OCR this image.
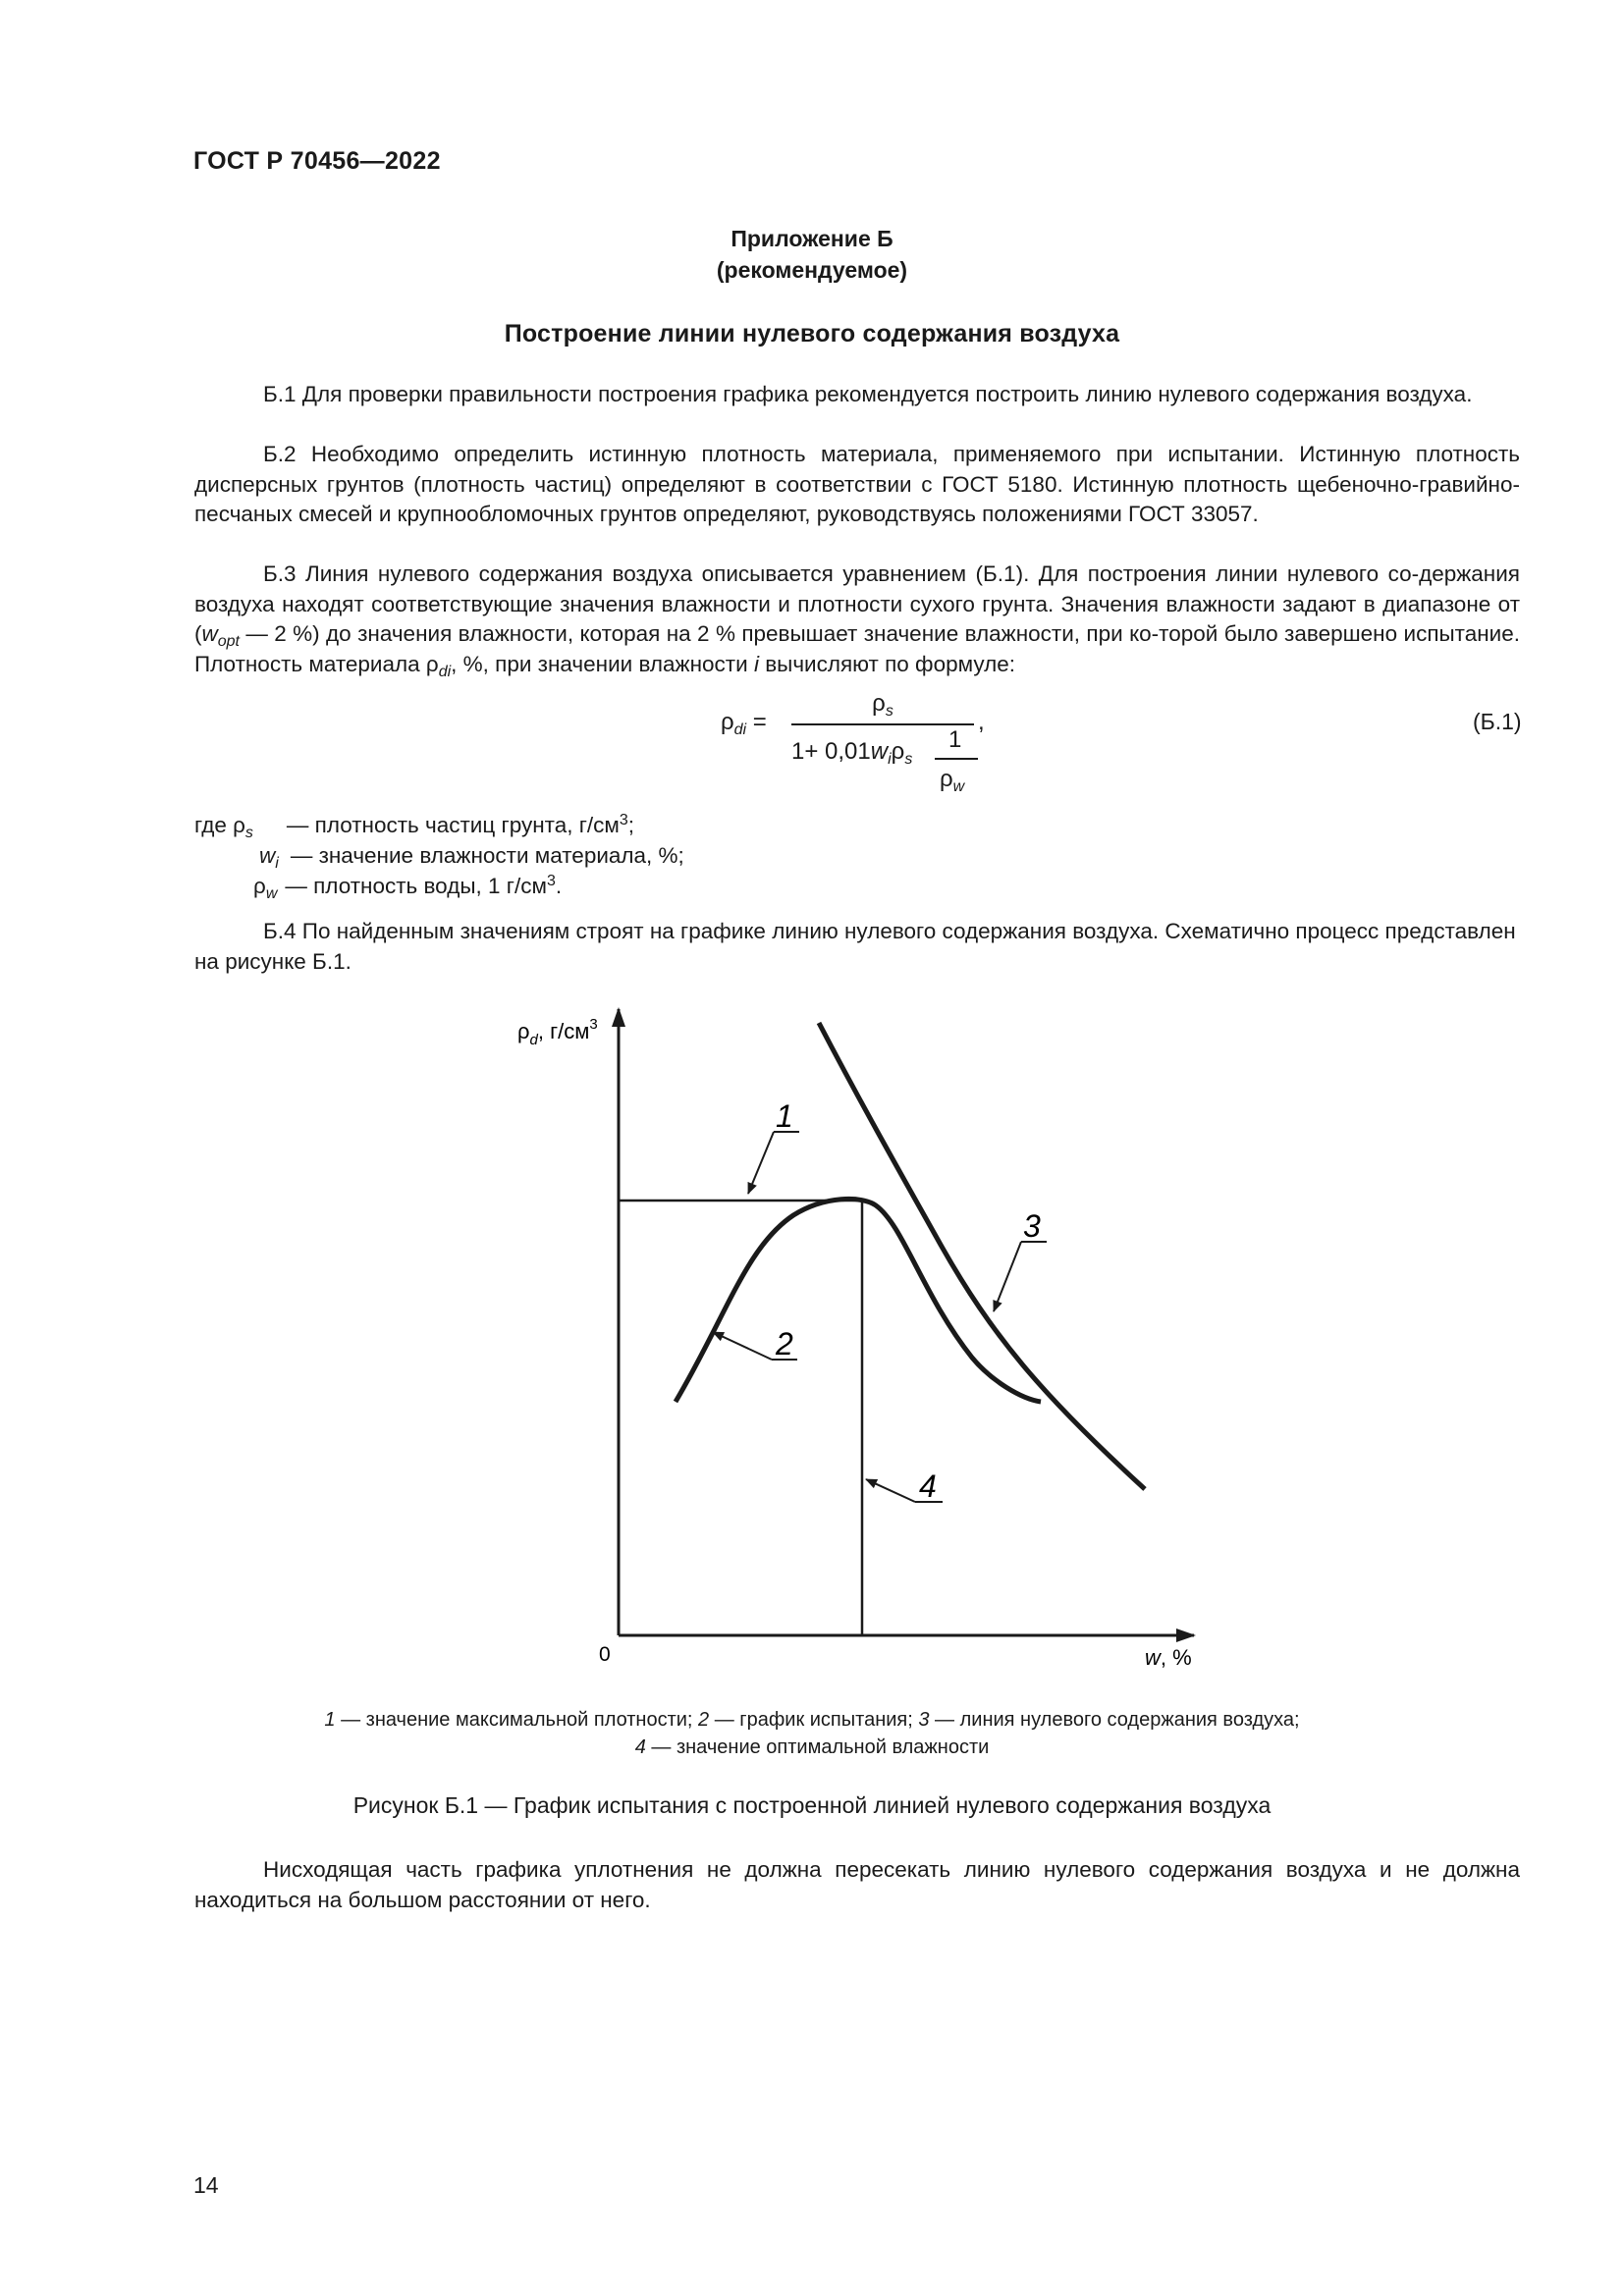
ГОСТ Р 70456—2022
Приложение Б
(рекомендуемое)
Построение линии нулевого содержания воздуха
Б.1 Для проверки правильности построения графика рекомендуется построить линию нулевого содержания воздуха.
Б.2 Необходимо определить истинную плотность материала, применяемого при испытании. Истинную плотность дисперсных грунтов (плотность частиц) определяют в соответствии с ГОСТ 5180. Истинную плотность щебеночно-гравийно-песчаных смесей и крупнообломочных грунтов определяют, руководствуясь положениями ГОСТ 33057.
Б.3 Линия нулевого содержания воздуха описывается уравнением (Б.1). Для построения линии нулевого со-держания воздуха находят соответствующие значения влажности и плотности сухого грунта. Значения влажности задают в диапазоне от ($w_{opt}$ — 2 %) до значения влажности, которая на 2 % превышает значение влажности, при ко-торой было завершено испытание. Плотность материала $\rho_{di}$, %, при значении влажности i вычисляют по формуле:
$\rho_{di}$ =
$\rho_s$
$1+ 0,01w_i\rho_s$
1
$\rho_w$
,	(Б.1)
где $\rho_s$ — плотность частиц грунта, $г/см^3$;
$w_i$ — значение влажности материала, %;
$\rho_w$ — плотность воды, 1 $г/см^3$.
Б.4 По найденным значениям строят на графике линию нулевого содержания воздуха. Схематично процесс представлен на рисунке Б.1.
1
2
3
4
0
$\rho_d$, $г/см^3$
w, %
1 — значение максимальной плотности; 2 — график испытания; 3 — линия нулевого содержания воздуха;
4 — значение оптимальной влажности
Рисунок Б.1 — График испытания с построенной линией нулевого содержания воздуха
Нисходящая часть графика уплотнения не должна пересекать линию нулевого содержания воздуха и не должна находиться на большом расстоянии от него.
14
